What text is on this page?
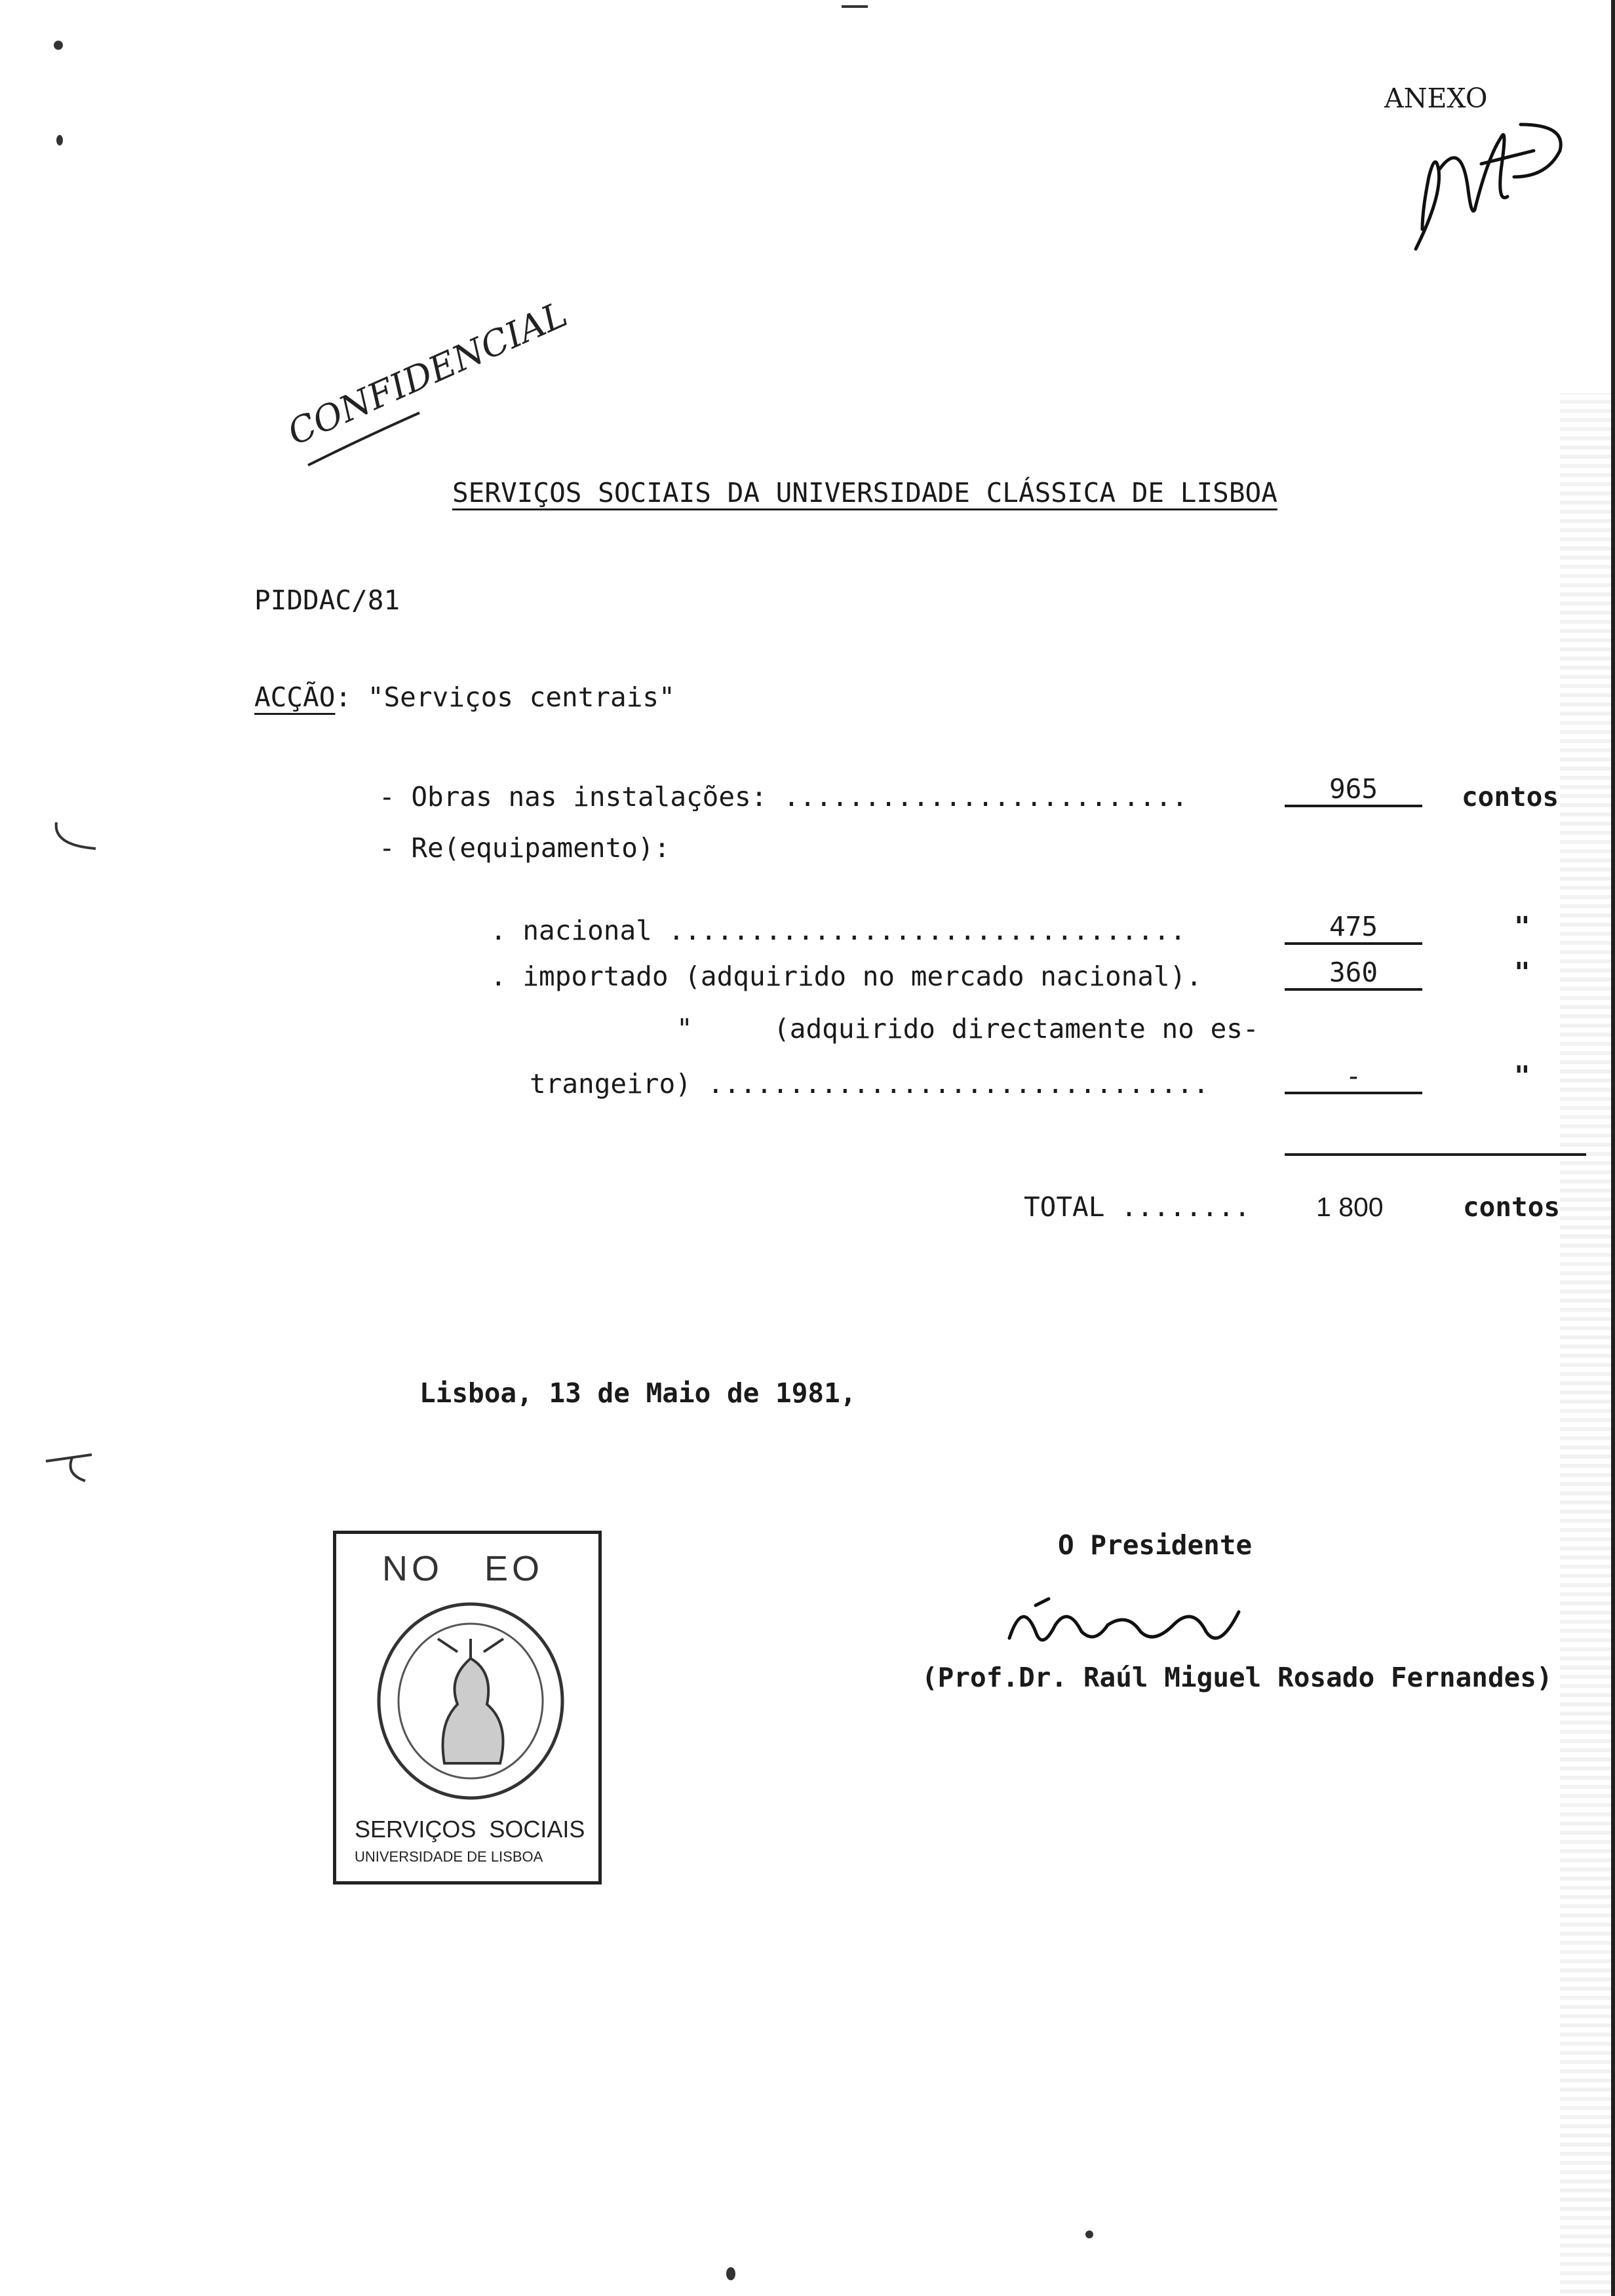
ANEXO
CONFIDENCIAL
SERVIÇOS SOCIAIS DA UNIVERSIDADE CLÁSSICA DE LISBOA
PIDDAC/81
ACÇÃO: "Serviços centrais"
- Obras nas instalações: .........................	965	contos
- Re(equipamento):
. nacional ................................	475	"
. importado (adquirido no mercado nacional).	360	"
"     (adquirido directamente no es-
trangeiro) ...............................	-	"
TOTAL ........ 1 800	contos
Lisboa, 13 de Maio de 1981,
NO   EO
SERVIÇOS  SOCIAIS
UNIVERSIDADE DE LISBOA
O Presidente
(Prof.Dr. Raúl Miguel Rosado Fernandes)
